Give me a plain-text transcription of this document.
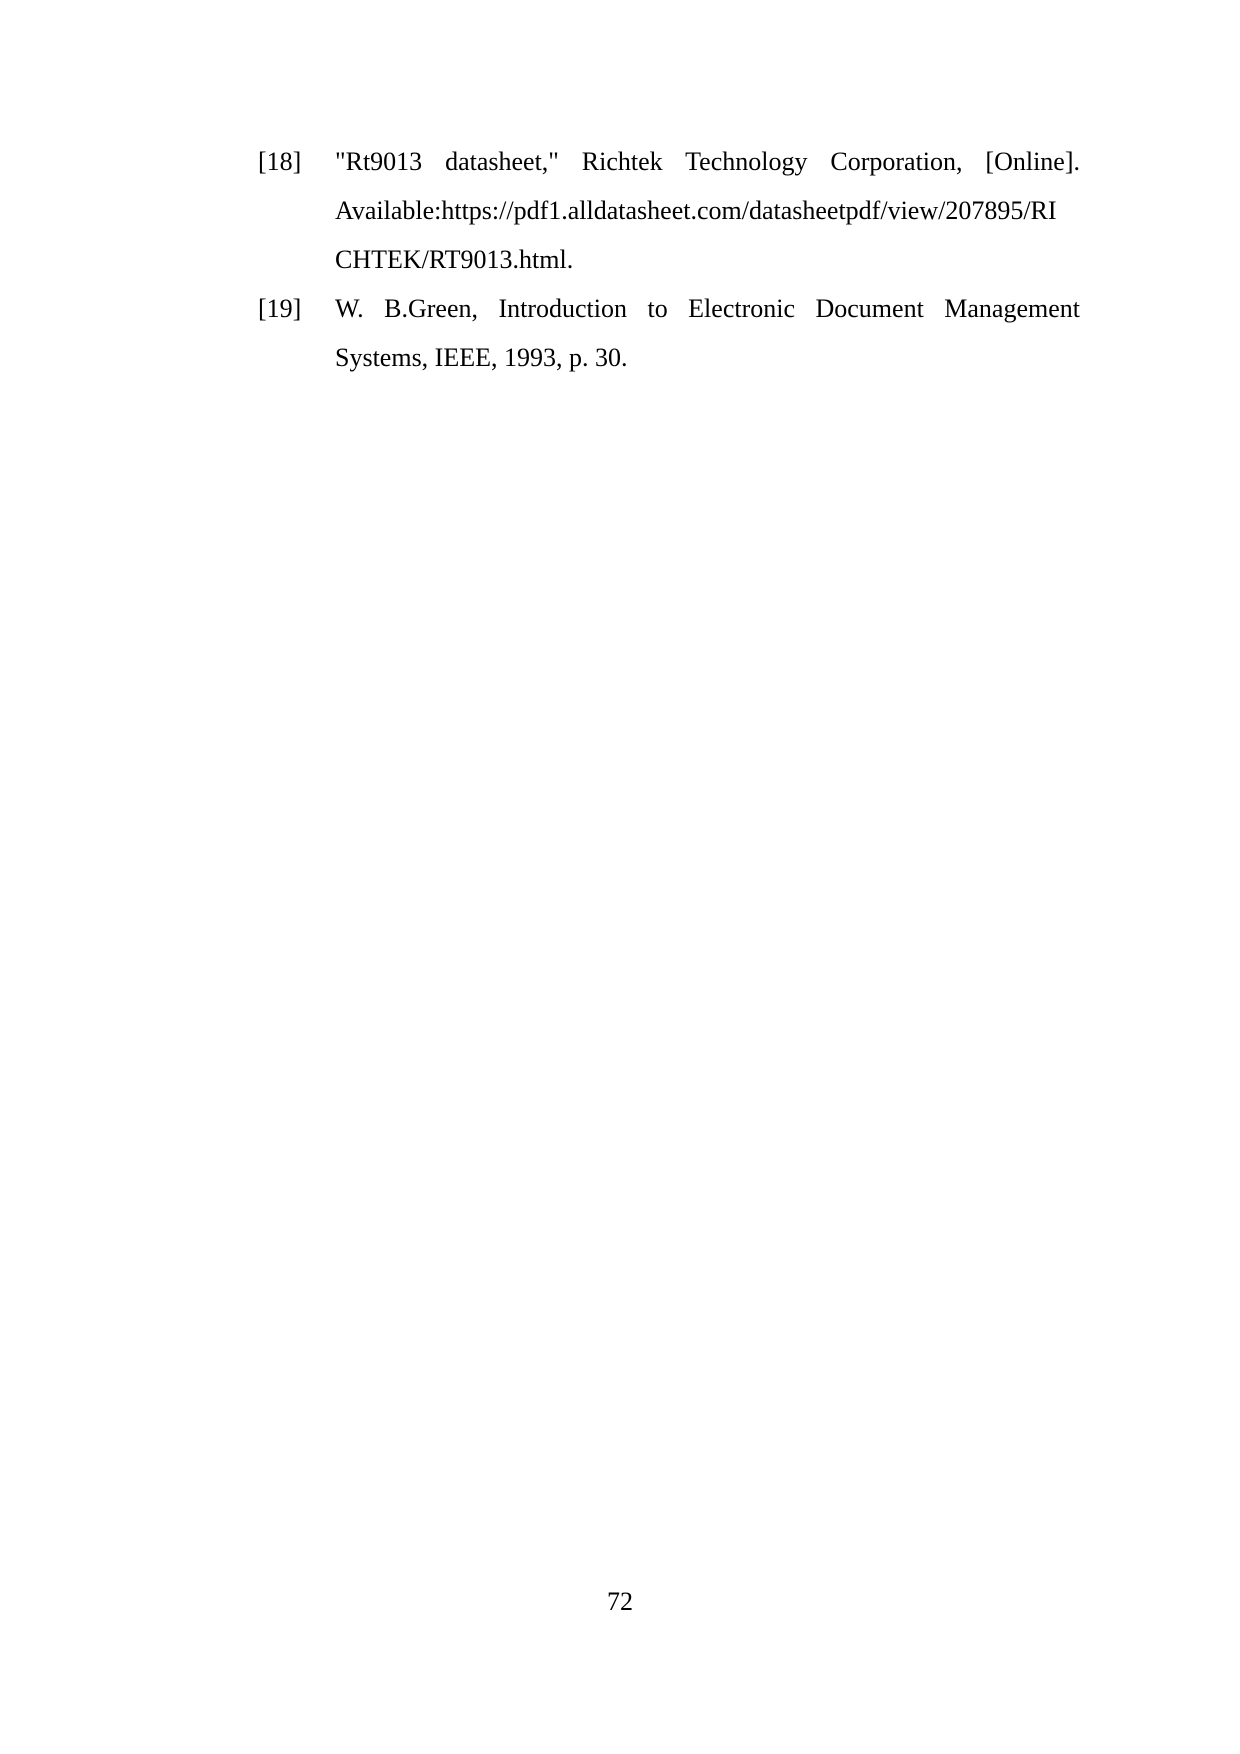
[18] "Rt9013 datasheet," Richtek Technology Corporation, [Online].
Available:https://pdf1.alldatasheet.com/datasheetpdf/view/207895/RI
CHTEK/RT9013.html.
[19] W. B.Green, Introduction to Electronic Document Management
Systems, IEEE, 1993, p. 30.
72
